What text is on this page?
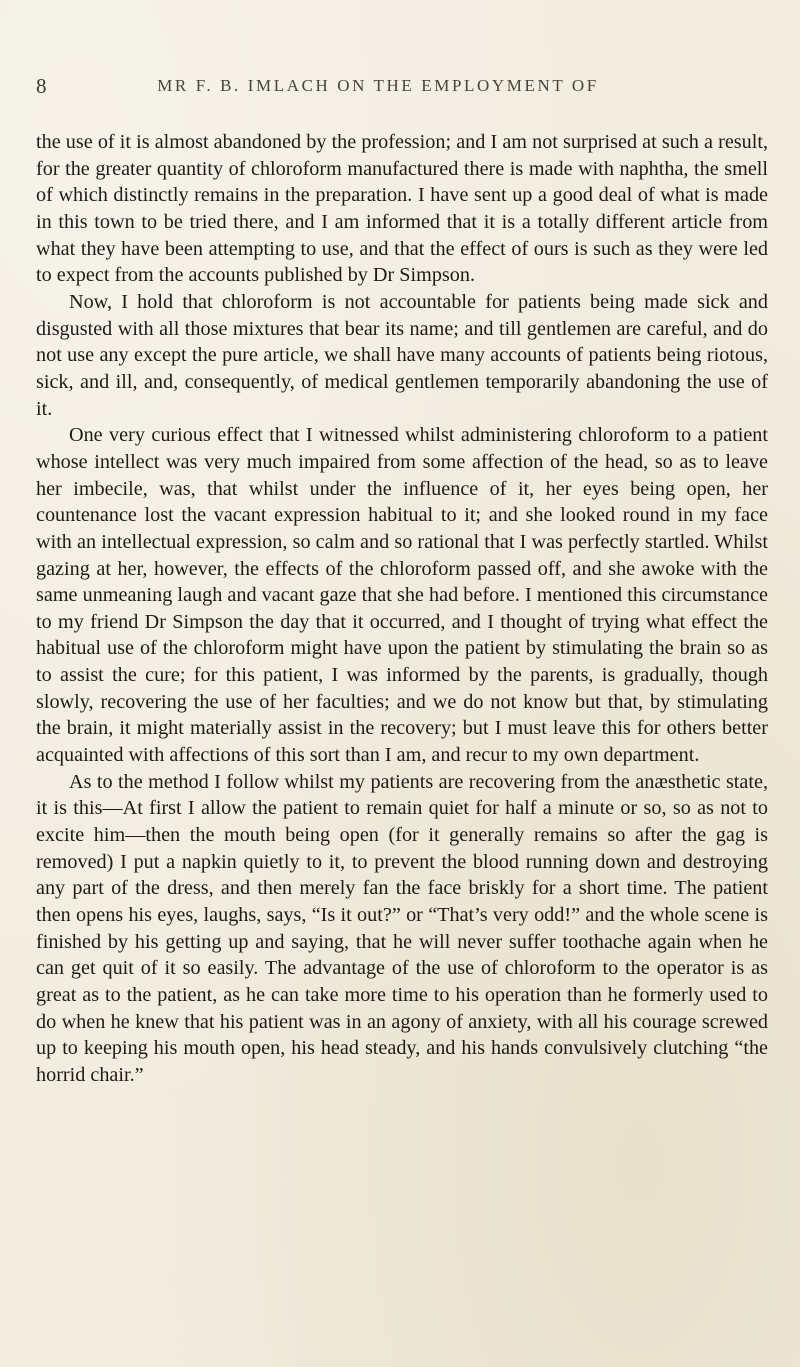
8	MR F. B. IMLACH ON THE EMPLOYMENT OF

the use of it is almost abandoned by the profession; and I am not surprised at such a result, for the greater quantity of chloroform manufactured there is made with naphtha, the smell of which distinctly remains in the preparation. I have sent up a good deal of what is made in this town to be tried there, and I am informed that it is a totally different article from what they have been attempting to use, and that the effect of ours is such as they were led to expect from the accounts published by Dr Simpson.

Now, I hold that chloroform is not accountable for patients being made sick and disgusted with all those mixtures that bear its name; and till gentlemen are careful, and do not use any except the pure article, we shall have many accounts of patients being riotous, sick, and ill, and, consequently, of medical gentlemen temporarily abandoning the use of it.

One very curious effect that I witnessed whilst administering chloroform to a patient whose intellect was very much impaired from some affection of the head, so as to leave her imbecile, was, that whilst under the influence of it, her eyes being open, her countenance lost the vacant expression habitual to it; and she looked round in my face with an intellectual expression, so calm and so rational that I was perfectly startled. Whilst gazing at her, however, the effects of the chloroform passed off, and she awoke with the same unmeaning laugh and vacant gaze that she had before. I mentioned this circumstance to my friend Dr Simpson the day that it occurred, and I thought of trying what effect the habitual use of the chloroform might have upon the patient by stimulating the brain so as to assist the cure; for this patient, I was informed by the parents, is gradually, though slowly, recovering the use of her faculties; and we do not know but that, by stimulating the brain, it might materially assist in the recovery; but I must leave this for others better acquainted with affections of this sort than I am, and recur to my own department.

As to the method I follow whilst my patients are recovering from the anæsthetic state, it is this—At first I allow the patient to remain quiet for half a minute or so, so as not to excite him—then the mouth being open (for it generally remains so after the gag is removed) I put a napkin quietly to it, to prevent the blood running down and destroying any part of the dress, and then merely fan the face briskly for a short time. The patient then opens his eyes, laughs, says, “Is it out?” or “That’s very odd!” and the whole scene is finished by his getting up and saying, that he will never suffer toothache again when he can get quit of it so easily. The advantage of the use of chloroform to the operator is as great as to the patient, as he can take more time to his operation than he formerly used to do when he knew that his patient was in an agony of anxiety, with all his courage screwed up to keeping his mouth open, his head steady, and his hands convulsively clutching “the horrid chair.”
